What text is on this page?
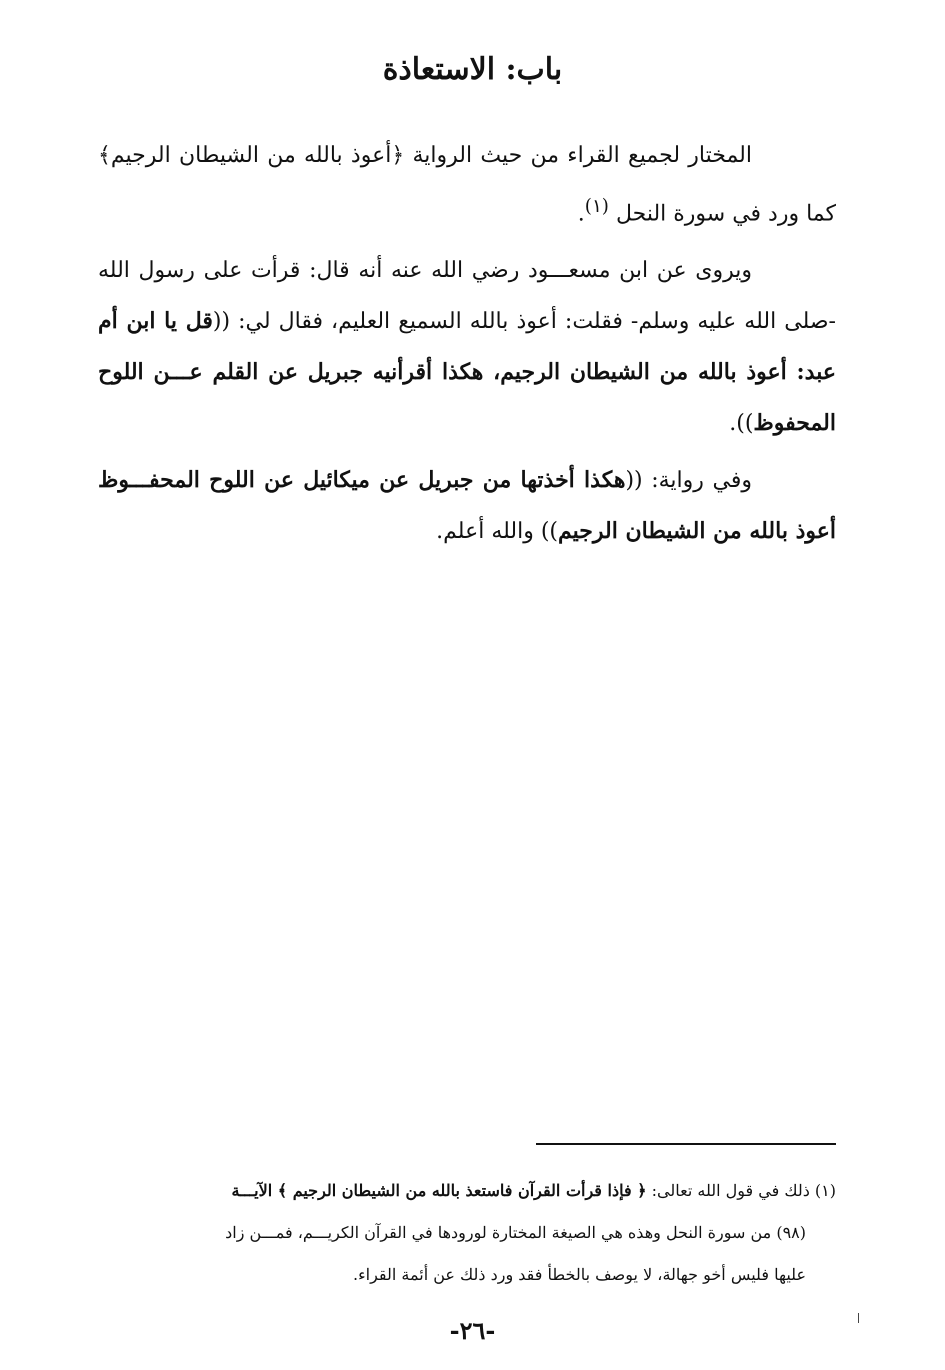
باب: الاستعاذة

المختار لجميع القراء من حيث الرواية ﴿أعوذ بالله من الشيطان الرجيم﴾ كما ورد في سورة النحل $^{(١)}$.

ويروى عن ابن مسعـــود رضي الله عنه أنه قال: قرأت على رسول الله -صلى الله عليه وسلم- فقلت: أعوذ بالله السميع العليم، فقال لي: ((قل يا ابن أم عبد: أعوذ بالله من الشيطان الرجيم، هكذا أقرأنيه جبريل عن القلم عـــن اللوح المحفوظ)).

وفي رواية: ((هكذا أخذتها من جبريل عن ميكائيل عن اللوح المحفـــوظ أعوذ بالله من الشيطان الرجيم)) والله أعلم.

(١) ذلك في قول الله تعالى: ﴿ فإذا قرأت القرآن فاستعذ بالله من الشيطان الرجيم ﴾ الآيـــة

(٩٨) من سورة النحل وهذه هي الصيغة المختارة لورودها في القرآن الكريـــم، فمـــن زاد

عليها فليس أخو جهالة، لا يوصف بالخطأ فقد ورد ذلك عن أئمة القراء.

-٢٦-
